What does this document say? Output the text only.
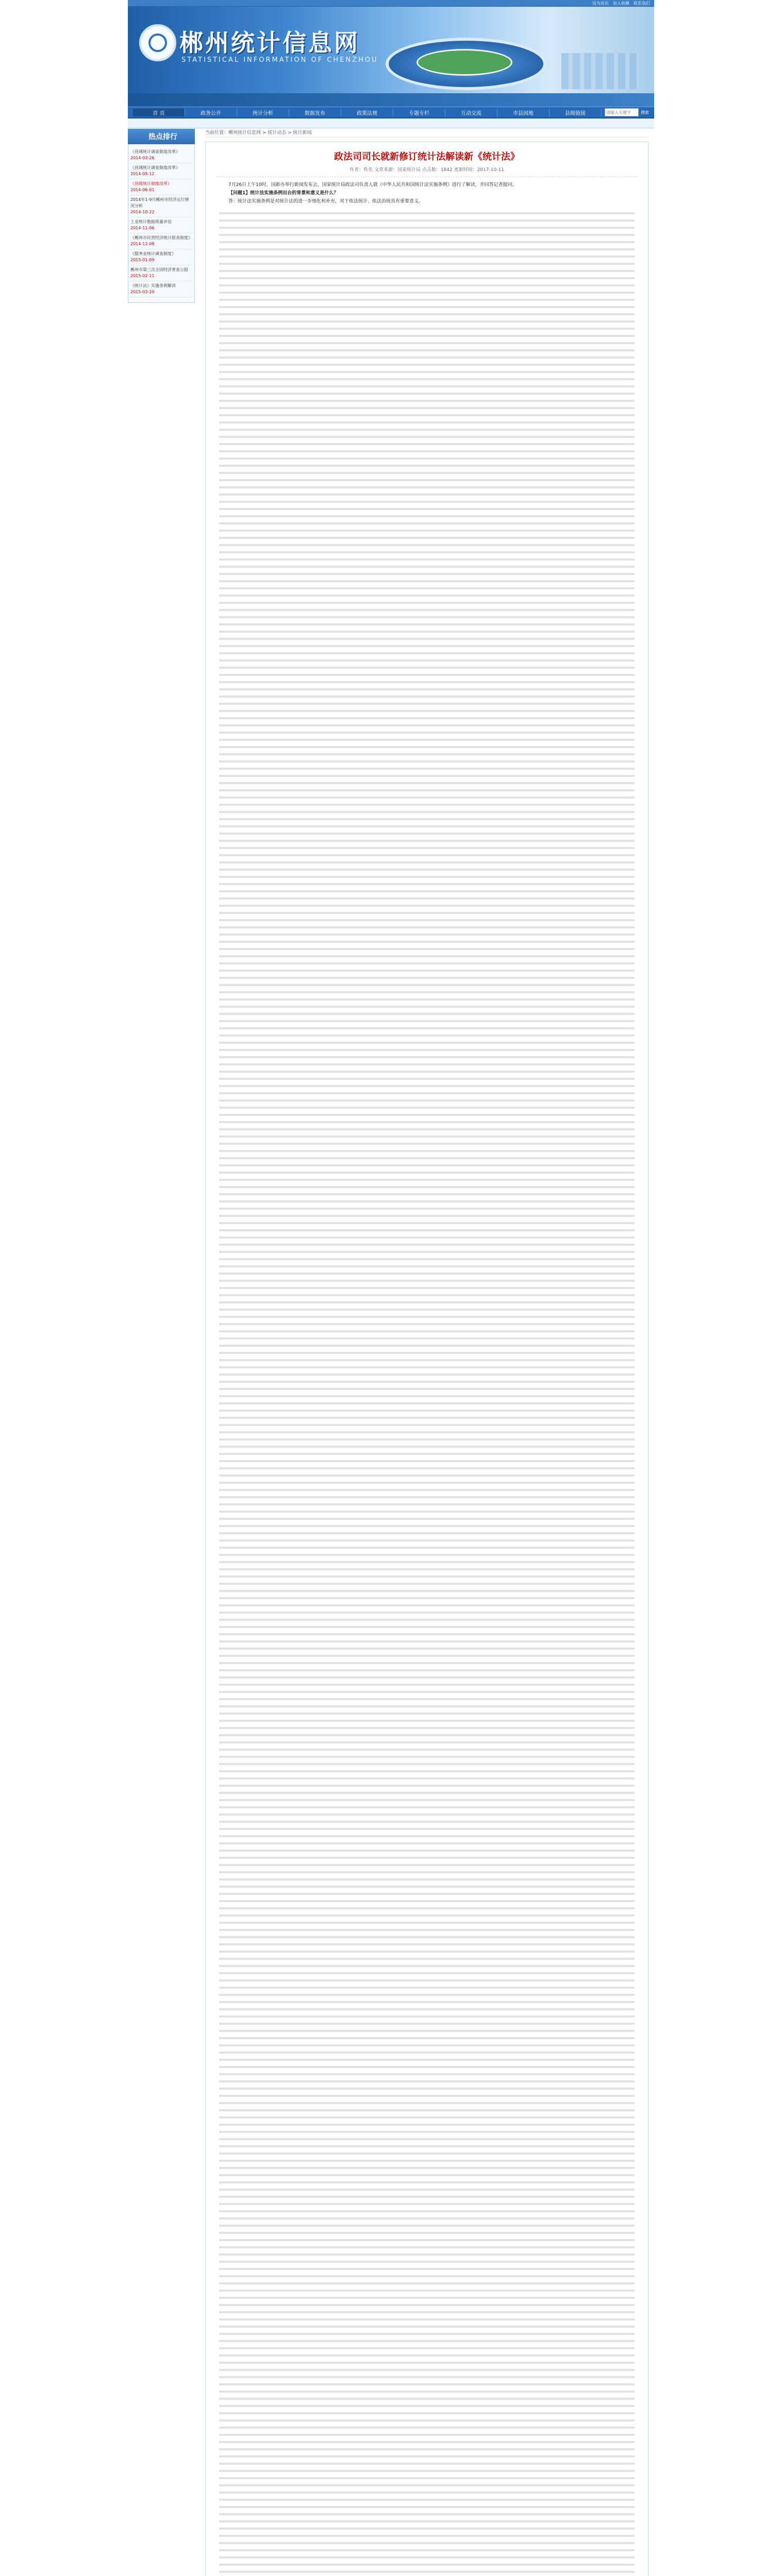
设为首页 加入收藏 联系我们
郴州统计信息网
STATISTICAL INFORMATION OF CHENZHOU
首 页	政务公开	统计分析	数据发布	政策法规	专题专栏	互动交流	市县园地	县级链接
请输入关键字	搜索
热点排行
《县域统计调查制度改革》
2014-03-26
《县域统计调查制度改革》
2014-05-12
《县级统计制度改革》
2014-06-01
2014年1-9月郴州市经济运行情况分析
2014-10-22
工业统计数据质量评估
2014-11-06
《郴州市民营经济统计报表制度》
2014-12-08
《服务业统计调查制度》
2015-01-09
郴州市第三次全国经济普查公报
2015-02-11
《统计法》实施条例解读
2015-03-20
当前位置：郴州统计信息网 > 统计动态 > 统计新闻
政法司司长就新修订统计法解读新《统计法》
作者：佚名 文章来源：国家统计局 点击数：1842 更新时间：2017-10-11

7月26日上午10时，国新办举行新闻发布会，国家统计局政法司负责人就《中华人民共和国统计法实施条例》进行了解读，并回答记者提问。

【问题1】统计法实施条例出台的背景和意义是什么？

答：统计法实施条例是对统计法的进一步细化和补充，对于依法统计、依法治统具有重要意义。
